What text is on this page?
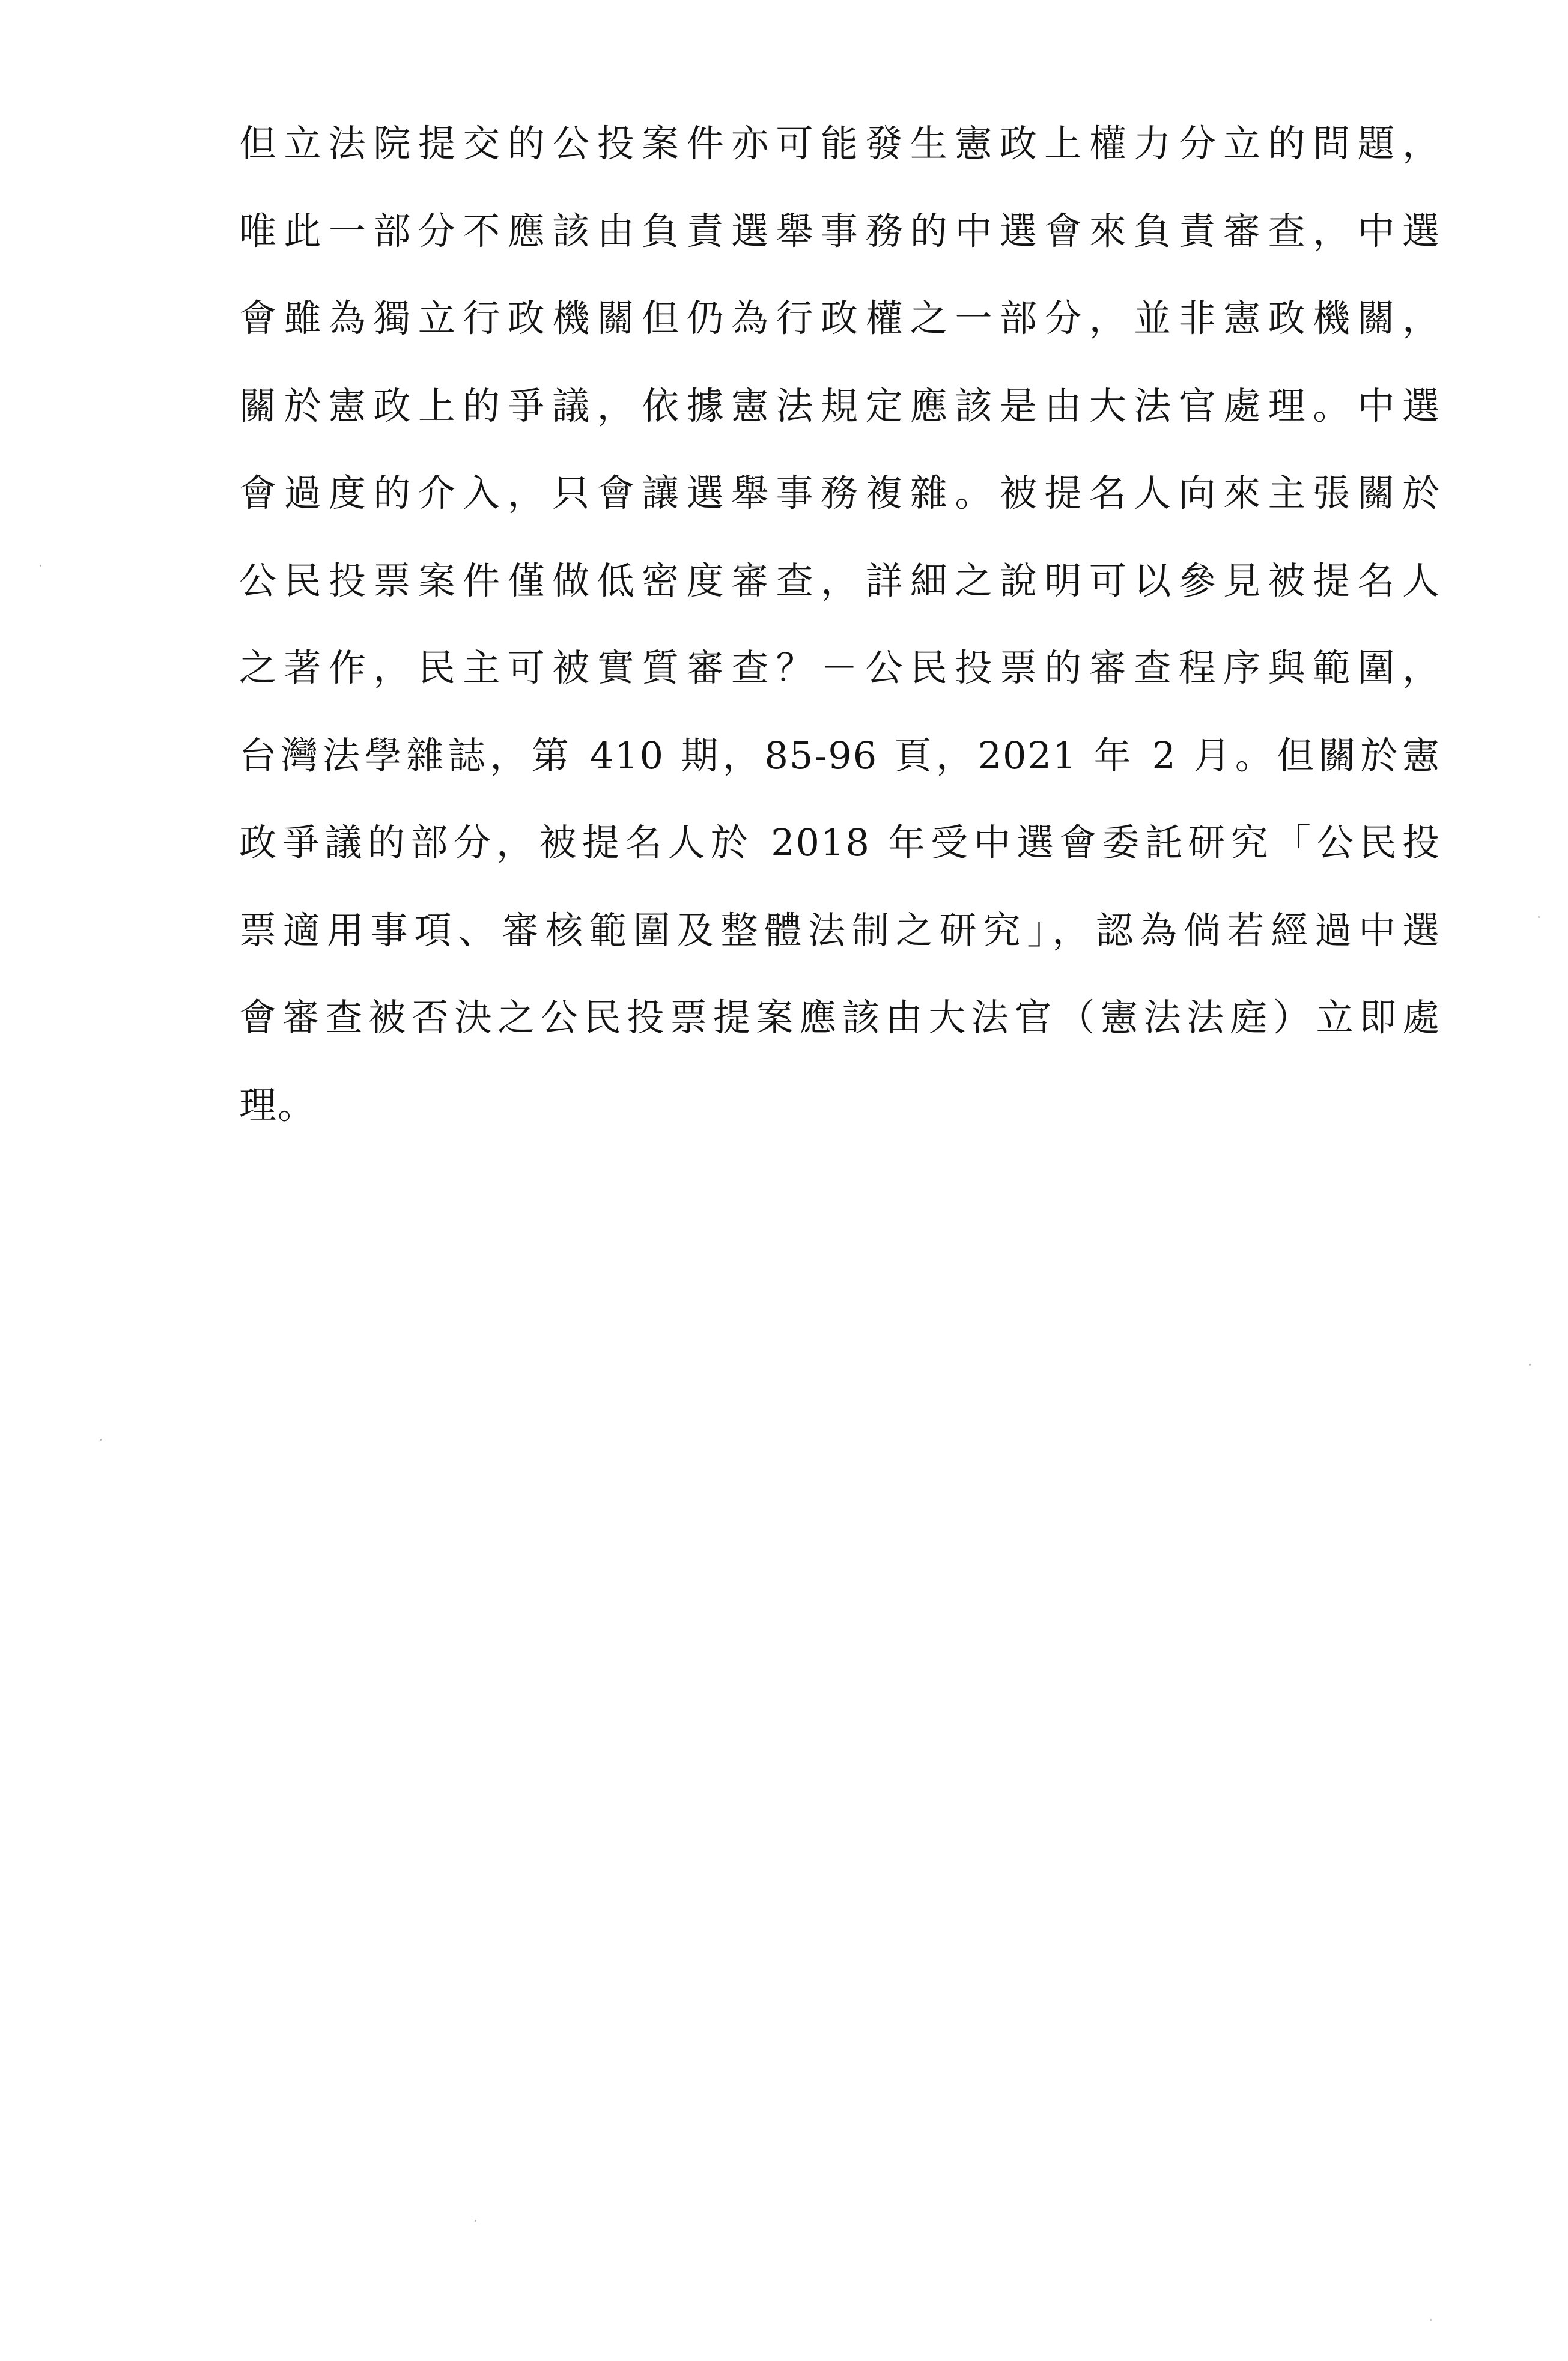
但立法院提交的公投案件亦可能發生憲政上權力分立的問題，
唯此一部分不應該由負責選舉事務的中選會來負責審查，中選
會雖為獨立行政機關但仍為行政權之一部分，並非憲政機關，
關於憲政上的爭議，依據憲法規定應該是由大法官處理。中選
會過度的介入，只會讓選舉事務複雜。被提名人向來主張關於
公民投票案件僅做低密度審查，詳細之說明可以參見被提名人
之著作，民主可被實質審查？－公民投票的審查程序與範圍，
台灣法學雜誌，第 410 期，85-96 頁，2021 年 2 月。但關於憲
政爭議的部分，被提名人於 2018 年受中選會委託研究「公民投
票適用事項、審核範圍及整體法制之研究」，認為倘若經過中選
會審查被否決之公民投票提案應該由大法官（憲法法庭）立即處
理。
